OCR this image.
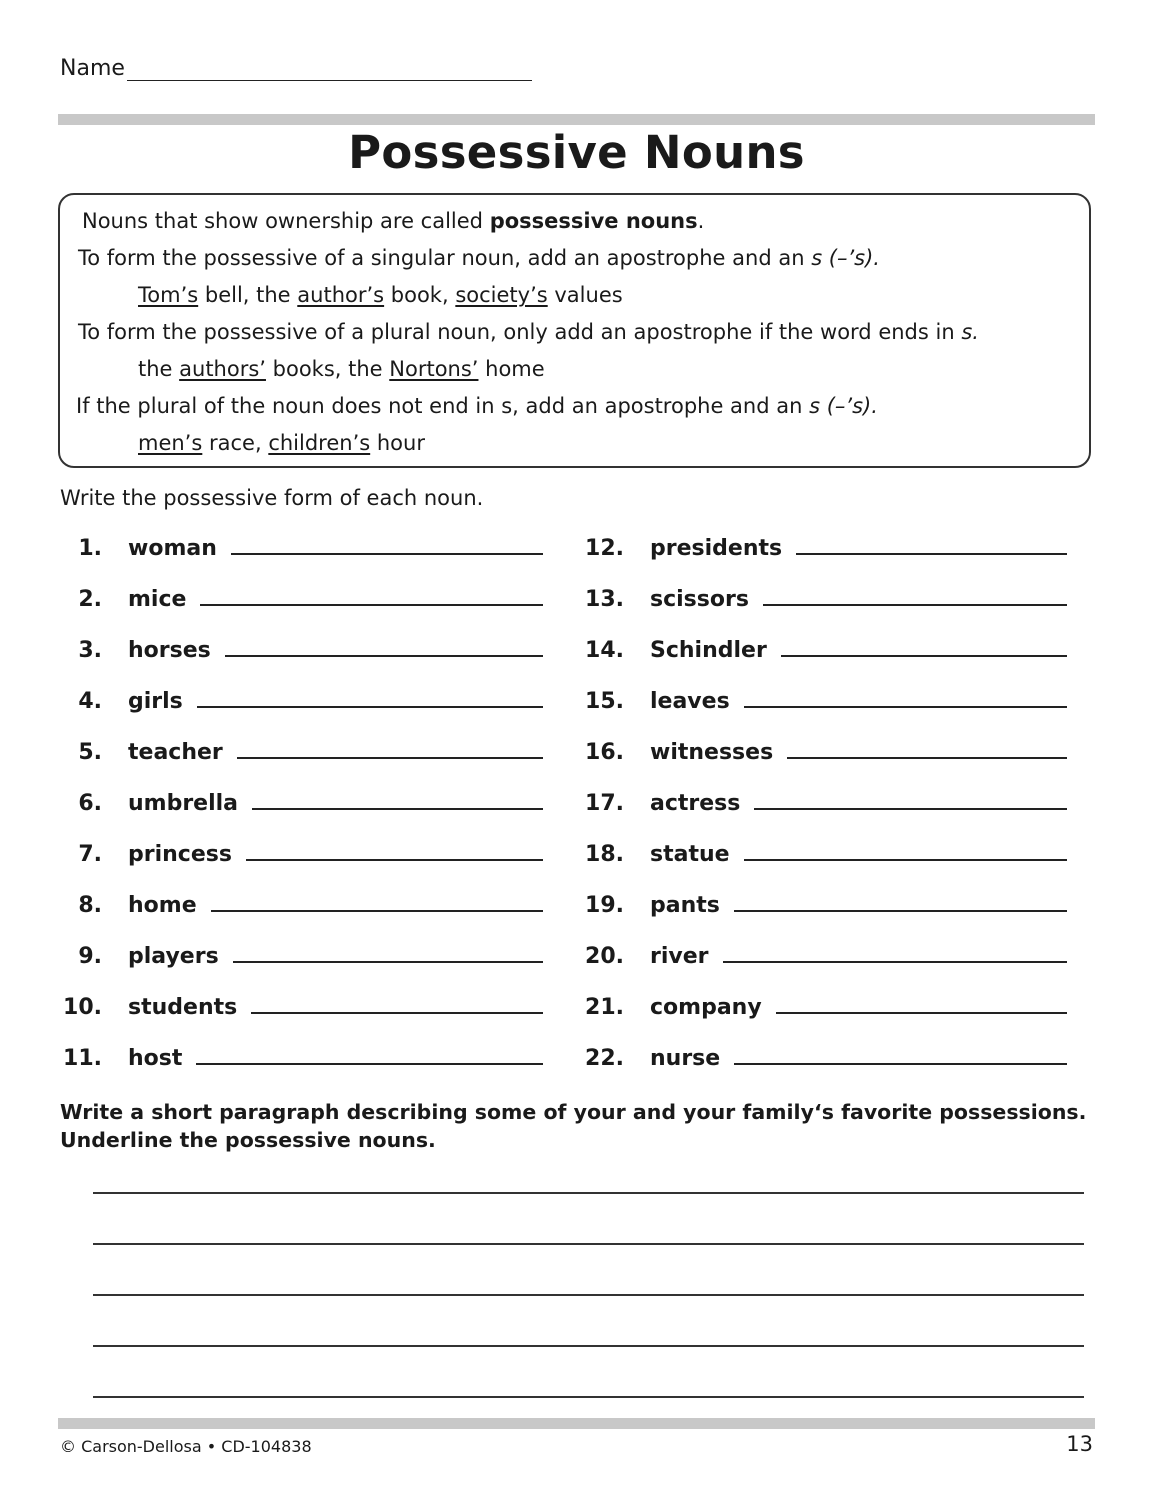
Name
Possessive Nouns

Nouns that show ownership are called possessive nouns.

To form the possessive of a singular noun, add an apostrophe and an s (–’s).

Tom’s bell, the author’s book, society’s values

To form the possessive of a plural noun, only add an apostrophe if the word ends in s.

the authors’ books, the Nortons’ home

If the plural of the noun does not end in s, add an apostrophe and an s (–’s).

men’s race, children’s hour

Write the possessive form of each noun.

1. woman
2. mice
3. horses
4. girls
5. teacher
6. umbrella
7. princess
8. home
9. players
10. students
11. host
12. presidents
13. scissors
14. Schindler
15. leaves
16. witnesses
17. actress
18. statue
19. pants
20. river
21. company
22. nurse

Write a short paragraph describing some of your and your family‘s favorite possessions. Underline the possessive nouns.

© Carson-Dellosa • CD-104838	13
